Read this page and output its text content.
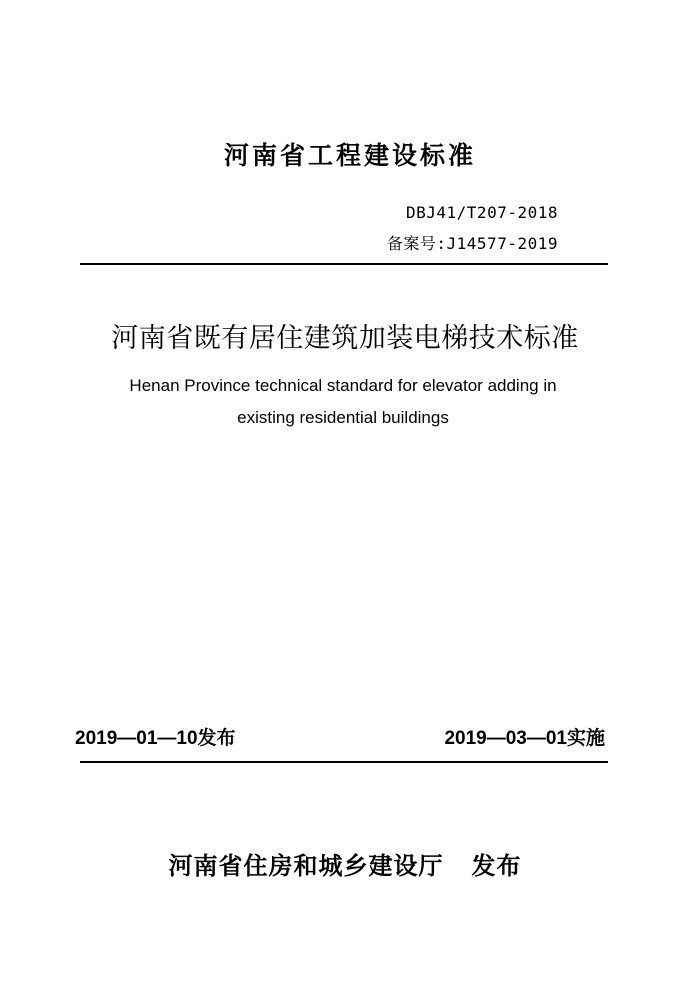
河南省工程建设标准
DBJ41/T207-2018
备案号:J14577-2019
河南省既有居住建筑加装电梯技术标准
Henan Province technical standard for elevator adding in
existing residential buildings
2019—01—10发布	2019—03—01实施
河南省住房和城乡建设厅 发布
